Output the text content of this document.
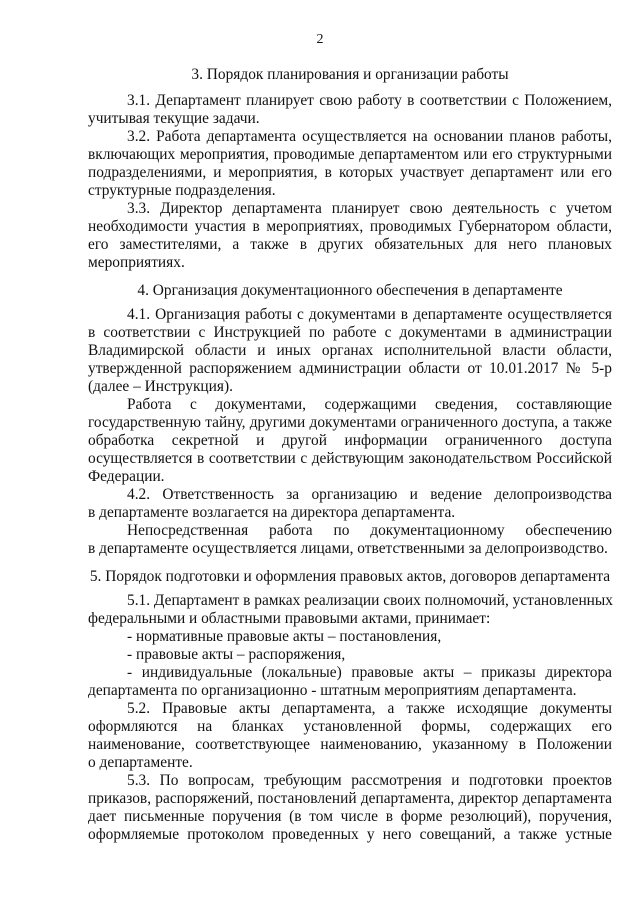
2

3. Порядок планирования и организации работы

3.1. Департамент планирует свою работу в соответствии с Положением,

учитывая текущие задачи.

3.2. Работа департамента осуществляется на основании планов работы,

включающих мероприятия, проводимые департаментом или его структурными

подразделениями, и мероприятия, в которых участвует департамент или его

структурные подразделения.

3.3. Директор департамента планирует свою деятельность с учетом

необходимости участия в мероприятиях, проводимых Губернатором области,

его заместителями, а также в других обязательных для него плановых

мероприятиях.

4. Организация документационного обеспечения в департаменте

4.1. Организация работы с документами в департаменте осуществляется

в соответствии с Инструкцией по работе с документами в администрации

Владимирской области и иных органах исполнительной власти области,

утвержденной распоряжением администрации области от 10.01.2017 № 5-р

(далее – Инструкция).

Работа с документами, содержащими сведения, составляющие

государственную тайну, другими документами ограниченного доступа, а также

обработка секретной и другой информации ограниченного доступа

осуществляется в соответствии с действующим законодательством Российской

Федерации.

4.2. Ответственность за организацию и ведение делопроизводства

в департаменте возлагается на директора департамента.

Непосредственная работа по документационному обеспечению

в департаменте осуществляется лицами, ответственными за делопроизводство.

5. Порядок подготовки и оформления правовых актов, договоров департамента

5.1. Департамент в рамках реализации своих полномочий, установленных

федеральными и областными правовыми актами, принимает:

- нормативные правовые акты – постановления,

- правовые акты – распоряжения,

- индивидуальные (локальные) правовые акты – приказы директора

департамента по организационно - штатным мероприятиям департамента.

5.2. Правовые акты департамента, а также исходящие документы

оформляются на бланках установленной формы, содержащих его

наименование, соответствующее наименованию, указанному в Положении

о департаменте.

5.3. По вопросам, требующим рассмотрения и подготовки проектов

приказов, распоряжений, постановлений департамента, директор департамента

дает письменные поручения (в том числе в форме резолюций), поручения,

оформляемые протоколом проведенных у него совещаний, а также устные
